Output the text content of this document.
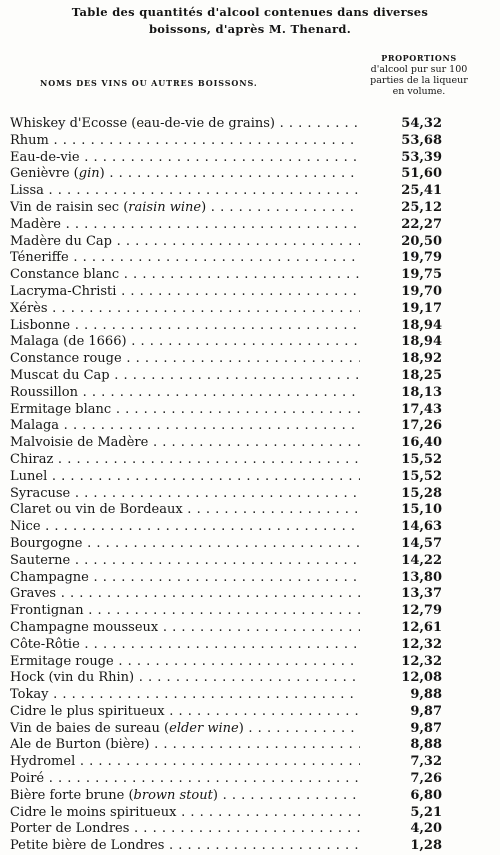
Table des quantités d'alcool contenues dans diverses
boissons, d'après M. Thenard.
NOMS DES VINS OU AUTRES BOISSONS.
PROPORTIONS
d'alcool pur sur 100
parties de la liqueur
en volume.
Whiskey d'Ecosse (eau-de-vie de grains) . . .	54,32
Rhum . . .	53,68
Eau-de-vie . . .	53,39
Genièvre (gin) . . .	51,60
Lissa . . .	25,41
Vin de raisin sec (raisin wine) . . .	25,12
Madère . . .	22,27
Madère du Cap . . .	20,50
Téneriffe . . .	19,79
Constance blanc . . .	19,75
Lacryma-Christi . . .	19,70
Xérès . . .	19,17
Lisbonne . . .	18,94
Malaga (de 1666) . . .	18,94
Constance rouge . . .	18,92
Muscat du Cap . . .	18,25
Roussillon . . .	18,13
Ermitage blanc . . .	17,43
Malaga . . .	17,26
Malvoisie de Madère . . .	16,40
Chiraz . . .	15,52
Lunel . . .	15,52
Syracuse . . .	15,28
Claret ou vin de Bordeaux . . .	15,10
Nice . . .	14,63
Bourgogne . . .	14,57
Sauterne . . .	14,22
Champagne . . .	13,80
Graves . . .	13,37
Frontignan . . .	12,79
Champagne mousseux . . .	12,61
Côte-Rôtie . . .	12,32
Ermitage rouge . . .	12,32
Hock (vin du Rhin) . . .	12,08
Tokay . . .	9,88
Cidre le plus spiritueux . . .	9,87
Vin de baies de sureau (elder wine) . . .	9,87
Ale de Burton (bière) . . .	8,88
Hydromel . . .	7,32
Poiré . . .	7,26
Bière forte brune (brown stout) . . .	6,80
Cidre le moins spiritueux . . .	5,21
Porter de Londres . . .	4,20
Petite bière de Londres . . .	1,28
